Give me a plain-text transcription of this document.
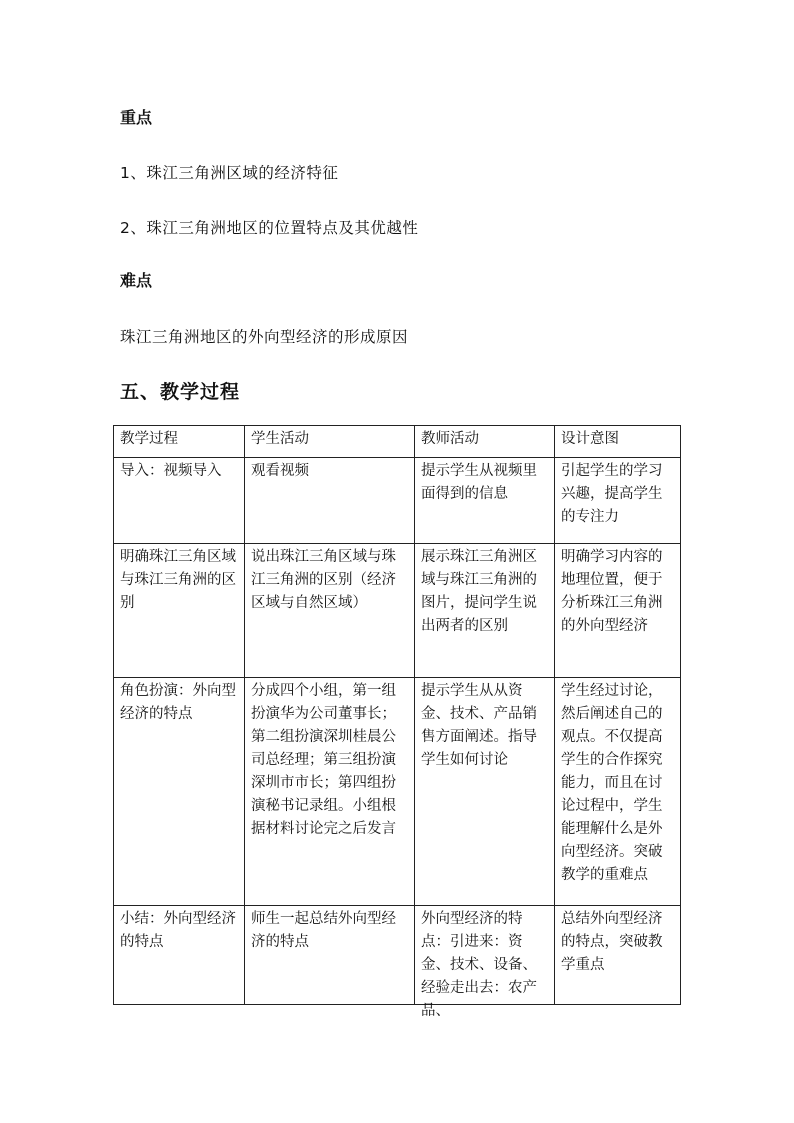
重点
1、珠江三角洲区域的经济特征
2、珠江三角洲地区的位置特点及其优越性
难点
珠江三角洲地区的外向型经济的形成原因
五、教学过程
教学过程	学生活动	教师活动	设计意图
导入：视频导入	观看视频	提示学生从视频里面得到的信息	引起学生的学习兴趣，提高学生的专注力
明确珠江三角区域与珠江三角洲的区别	说出珠江三角区域与珠江三角洲的区别（经济区域与自然区域）	展示珠江三角洲区域与珠江三角洲的图片，提问学生说出两者的区别	明确学习内容的地理位置，便于分析珠江三角洲的外向型经济
角色扮演：外向型经济的特点	分成四个小组，第一组扮演华为公司董事长；第二组扮演深圳桂晨公司总经理；第三组扮演深圳市市长；第四组扮演秘书记录组。小组根据材料讨论完之后发言	提示学生从从资金、技术、产品销售方面阐述。指导学生如何讨论	学生经过讨论，然后阐述自己的观点。不仅提高学生的合作探究能力，而且在讨论过程中，学生能理解什么是外向型经济。突破教学的重难点

小结：外向型经济的特点	师生一起总结外向型经济的特点	外向型经济的特点：引进来：资金、技术、设备、经验走出去：农产品、	总结外向型经济的特点，突破教学重点
